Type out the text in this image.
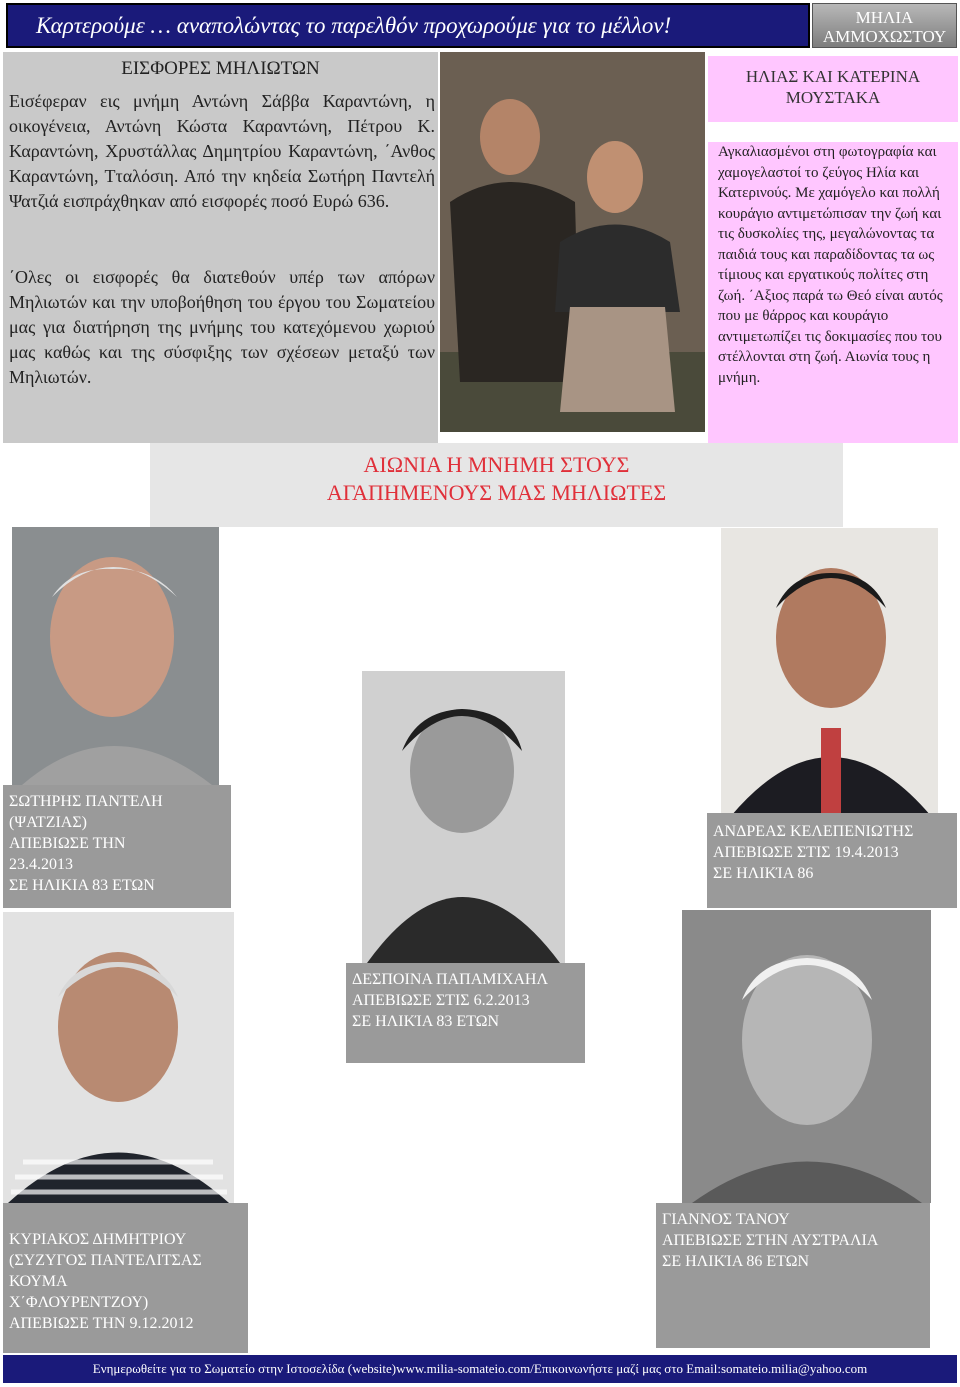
Καρτερούμε … αναπολώντας το παρελθόν προχωρούμε για το μέλλον!	ΜΗΛΙΑ
ΑΜΜΟΧΩΣΤΟΥ
ΕΙΣΦΟΡΕΣ ΜΗΛΙΩΤΩΝ
Εισέφεραν εις μνήμη Αντώνη Σάββα Καραντώνη, η οικογένεια, Αντώνη Κώστα Καραντώνη, Πέτρου Κ. Καραντώνη, Χρυστάλλας Δημητρίου Καραντώνη, ΄Ανθος Καραντώνη, Τταλόσιη. Από την κηδεία Σωτήρη Παντελή Ψατζιά εισπράχθηκαν από εισφορές ποσό Ευρώ 636.
΄Ολες οι εισφορές θα διατεθούν υπέρ των απόρων Μηλιωτών και την υποβοήθηση του έργου του Σωματείου μας για διατήρηση της μνήμης του κατεχόμενου χωριού μας καθώς και της σύσφιξης των σχέσεων μεταξύ των Μηλιωτών.
ΗΛΙΑΣ ΚΑΙ ΚΑΤΕΡΙΝΑ
ΜΟΥΣΤΑΚΑ
Αγκαλιασμένοι στη φωτογραφία και χαμογελαστοί το ζεύγος Ηλία και Κατερινούς. Με χαμόγελο και πολλή κουράγιο αντιμετώπισαν την ζωή και τις δυσκολίες της, μεγαλώνοντας τα παιδιά τους και παραδίδοντας τα ως τίμιους και εργατικούς πολίτες στη ζωή. ΄Αξιος παρά τω Θεό είναι αυτός που με θάρρος και κουράγιο αντιμετωπίζει τις δοκιμασίες που του στέλλονται στη ζωή. Αιωνία τους η μνήμη.
ΑΙΩΝΙΑ Η ΜΝΗΜΗ ΣΤΟΥΣ
ΑΓΑΠΗΜΕΝΟΥΣ ΜΑΣ ΜΗΛΙΩΤΕΣ
ΣΩΤΗΡΗΣ ΠΑΝΤΕΛΗ
(ΨΑΤΖΙΑΣ)
ΑΠΕΒΙΩΣΕ ΤΗΝ
23.4.2013
ΣΕ ΗΛΙΚΙΑ 83 ΕΤΩΝ
ΔΕΣΠΟΙΝΑ ΠΑΠΑΜΙΧΑΗΛ
ΑΠΕΒΙΩΣΕ ΣΤΙΣ 6.2.2013
ΣΕ ΗΛΙΚΊΑ 83 ΕΤΩΝ
ΑΝΔΡΕΑΣ ΚΕΛΕΠΕΝΙΩΤΗΣ
ΑΠΕΒΙΩΣΕ ΣΤΙΣ 19.4.2013
ΣΕ ΗΛΙΚΊΑ 86
ΚΥΡΙΑΚΟΣ ΔΗΜΗΤΡΙΟΥ
(ΣΥΖΥΓΟΣ ΠΑΝΤΕΛΙΤΣΑΣ
ΚΟΥΜΑ
Χ΄ΦΛΟΥΡΕΝΤΖΟΥ)
ΑΠΕΒΙΩΣΕ ΤΗΝ 9.12.2012
ΓΙΑΝΝΟΣ ΤΑΝΟΥ
ΑΠΕΒΙΩΣΕ ΣΤΗΝ ΑΥΣΤΡΑΛΙΑ
ΣΕ ΗΛΙΚΊΑ 86 ΕΤΩΝ
Ενημερωθείτε για το Σωματείο στην Ιστοσελίδα (website)www.milia-somateio.com/Επικοινωνήστε μαζί μας στο Email:somateio.milia@yahoo.com
